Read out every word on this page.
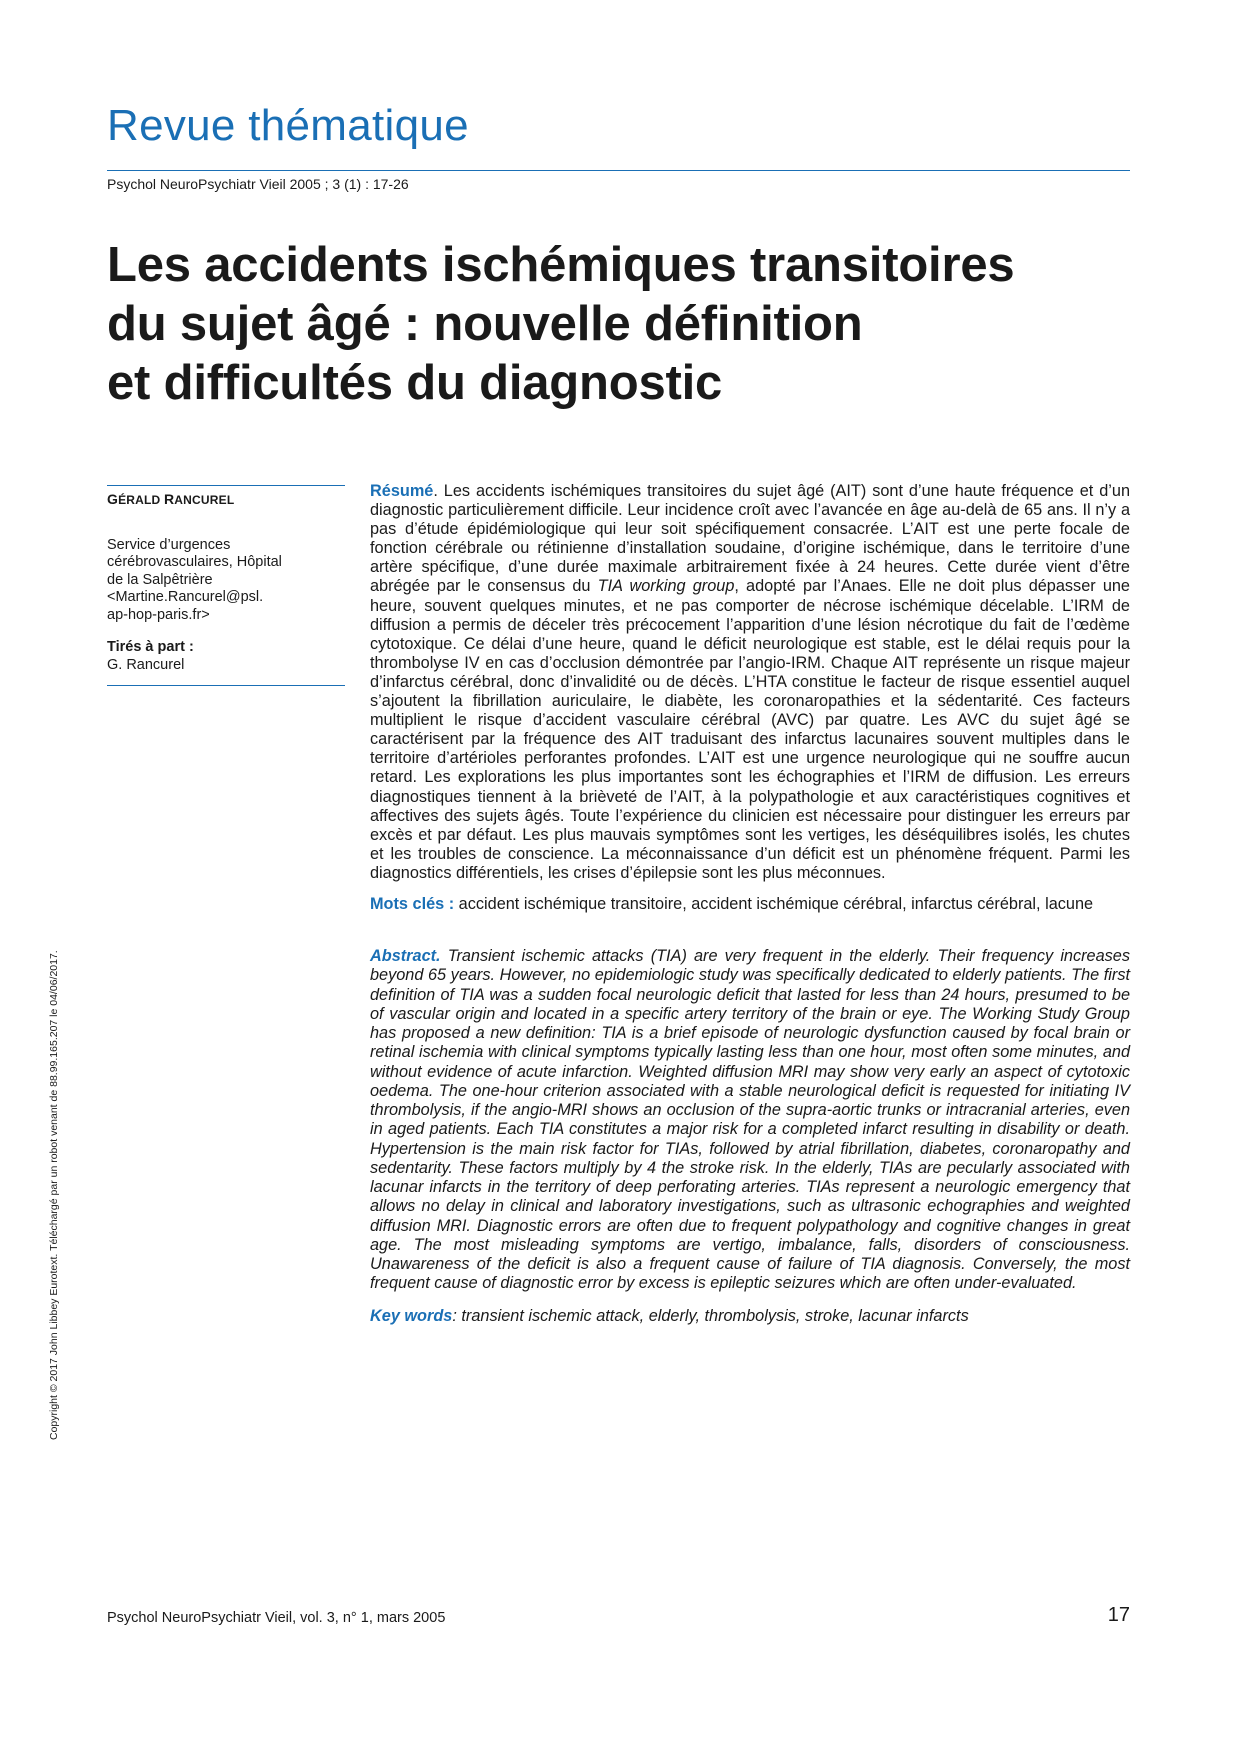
Revue thématique
Psychol NeuroPsychiatr Vieil 2005 ; 3 (1) : 17-26
Les accidents ischémiques transitoires
du sujet âgé : nouvelle définition
et difficultés du diagnostic
GÉRALD RANCUREL
Service d’urgences
cérébrovasculaires, Hôpital
de la Salpêtrière
<Martine.Rancurel@psl.
ap-hop-paris.fr>
Tirés à part :
G. Rancurel

Résumé. Les accidents ischémiques transitoires du sujet âgé (AIT) sont d’une haute fréquence et d’un diagnostic particulièrement difficile. Leur incidence croît avec l’avancée en âge au-delà de 65 ans. Il n’y a pas d’étude épidémiologique qui leur soit spécifiquement consacrée. L’AIT est une perte focale de fonction cérébrale ou rétinienne d’installation soudaine, d’origine ischémique, dans le territoire d’une artère spécifique, d’une durée maximale arbitrairement fixée à 24 heures. Cette durée vient d’être abrégée par le consensus du TIA working group, adopté par l’Anaes. Elle ne doit plus dépasser une heure, souvent quelques minutes, et ne pas comporter de nécrose ischémique décelable. L’IRM de diffusion a permis de déceler très précocement l’apparition d’une lésion nécrotique du fait de l’œdème cytotoxique. Ce délai d’une heure, quand le déficit neurologique est stable, est le délai requis pour la thrombolyse IV en cas d’occlusion démontrée par l’angio-IRM. Chaque AIT représente un risque majeur d’infarctus cérébral, donc d’invalidité ou de décès. L’HTA constitue le facteur de risque essentiel auquel s’ajoutent la fibrillation auriculaire, le diabète, les coronaropathies et la sédentarité. Ces facteurs multiplient le risque d’accident vasculaire cérébral (AVC) par quatre. Les AVC du sujet âgé se caractérisent par la fréquence des AIT traduisant des infarctus lacunaires souvent multiples dans le territoire d’artérioles perforantes profondes. L’AIT est une urgence neurologique qui ne souffre aucun retard. Les explorations les plus importantes sont les échographies et l’IRM de diffusion. Les erreurs diagnostiques tiennent à la brièveté de l’AIT, à la polypathologie et aux caractéristiques cognitives et affectives des sujets âgés. Toute l’expérience du clinicien est nécessaire pour distinguer les erreurs par excès et par défaut. Les plus mauvais symptômes sont les vertiges, les déséquilibres isolés, les chutes et les troubles de conscience. La méconnaissance d’un déficit est un phénomène fréquent. Parmi les diagnostics différentiels, les crises d’épilepsie sont les plus méconnues.

Mots clés : accident ischémique transitoire, accident ischémique cérébral, infarctus cérébral, lacune

Abstract. Transient ischemic attacks (TIA) are very frequent in the elderly. Their frequency increases beyond 65 years. However, no epidemiologic study was specifically dedicated to elderly patients. The first definition of TIA was a sudden focal neurologic deficit that lasted for less than 24 hours, presumed to be of vascular origin and located in a specific artery territory of the brain or eye. The Working Study Group has proposed a new definition: TIA is a brief episode of neurologic dysfunction caused by focal brain or retinal ischemia with clinical symptoms typically lasting less than one hour, most often some minutes, and without evidence of acute infarction. Weighted diffusion MRI may show very early an aspect of cytotoxic oedema. The one-hour criterion associated with a stable neurological deficit is requested for initiating IV thrombolysis, if the angio-MRI shows an occlusion of the supra-aortic trunks or intracranial arteries, even in aged patients. Each TIA constitutes a major risk for a completed infarct resulting in disability or death. Hypertension is the main risk factor for TIAs, followed by atrial fibrillation, diabetes, coronaropathy and sedentarity. These factors multiply by 4 the stroke risk. In the elderly, TIAs are pecularly associated with lacunar infarcts in the territory of deep perforating arteries. TIAs represent a neurologic emergency that allows no delay in clinical and laboratory investigations, such as ultrasonic echographies and weighted diffusion MRI. Diagnostic errors are often due to frequent polypathology and cognitive changes in great age. The most misleading symptoms are vertigo, imbalance, falls, disorders of consciousness. Unawareness of the deficit is also a frequent cause of failure of TIA diagnosis. Conversely, the most frequent cause of diagnostic error by excess is epileptic seizures which are often under-evaluated.

Key words: transient ischemic attack, elderly, thrombolysis, stroke, lacunar infarcts

Copyright © 2017 John Libbey Eurotext. Téléchargé par un robot venant de 88.99.165.207 le 04/06/2017.
Psychol NeuroPsychiatr Vieil, vol. 3, n° 1, mars 2005	17
